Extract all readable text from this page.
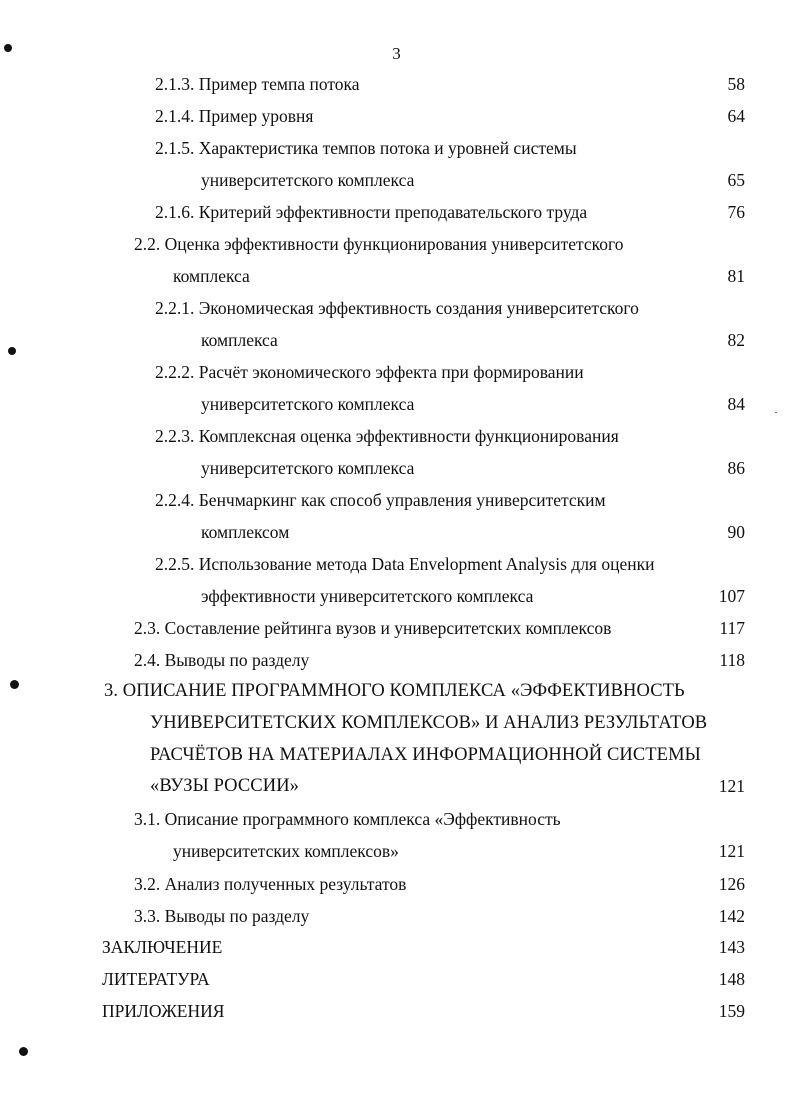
3
2.1.3. Пример темпа потока	58
2.1.4. Пример уровня	64
2.1.5. Характеристика темпов потока и уровней системы
университетского комплекса	65
2.1.6. Критерий эффективности преподавательского труда	76
2.2. Оценка эффективности функционирования университетского
комплекса	81
2.2.1. Экономическая эффективность создания университетского
комплекса	82
2.2.2. Расчёт экономического эффекта при формировании
университетского комплекса	84
2.2.3. Комплексная оценка эффективности функционирования
университетского комплекса	86
2.2.4. Бенчмаркинг как способ управления университетским
комплексом	90
2.2.5. Использование метода Data Envelopment Analysis для оценки
эффективности университетского комплекса	107
2.3. Составление рейтинга вузов и университетских комплексов	117
2.4. Выводы по разделу	118
3. ОПИСАНИЕ ПРОГРАММНОГО КОМПЛЕКСА «ЭФФЕКТИВНОСТЬ
УНИВЕРСИТЕТСКИХ КОМПЛЕКСОВ» И АНАЛИЗ РЕЗУЛЬТАТОВ
РАСЧЁТОВ НА МАТЕРИАЛАХ ИНФОРМАЦИОННОЙ СИСТЕМЫ
«ВУЗЫ РОССИИ»	121
3.1. Описание программного комплекса «Эффективность
университетских комплексов»	121
3.2. Анализ полученных результатов	126
3.3. Выводы по разделу	142
ЗАКЛЮЧЕНИЕ	143
ЛИТЕРАТУРА	148
ПРИЛОЖЕНИЯ	159
